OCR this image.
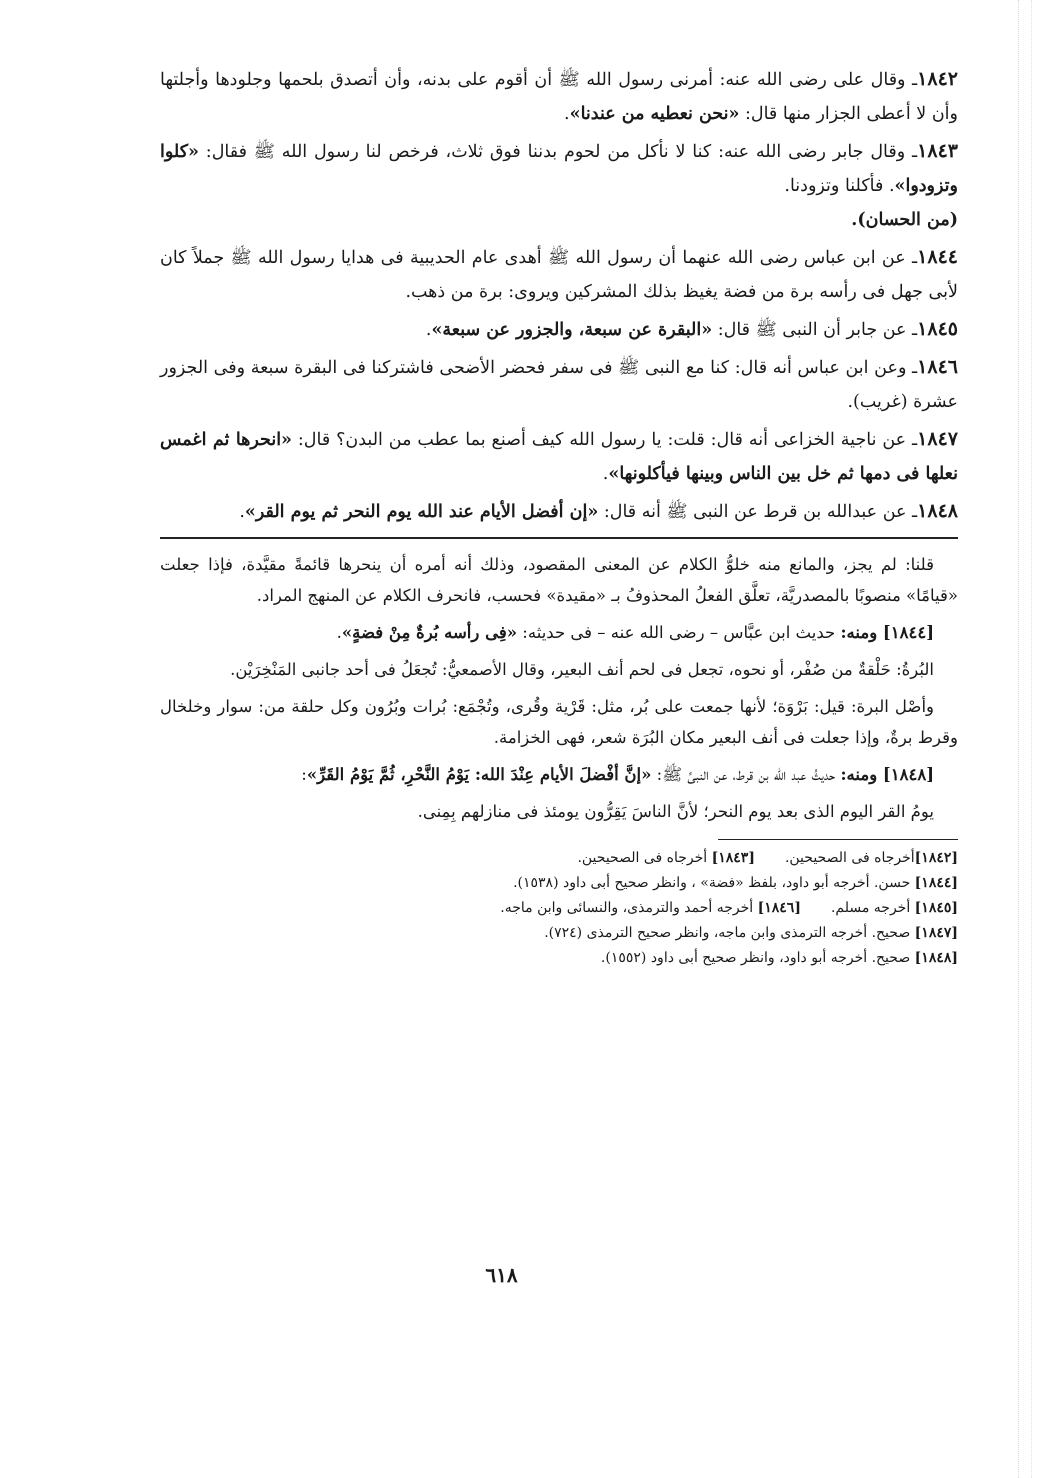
١٨٤٢ـ وقال على رضى الله عنه: أمرنى رسول الله ﷺ أن أقوم على بدنه، وأن أتصدق بلحمها وجلودها وأجلتها وأن لا أعطى الجزار منها قال: «نحن نعطيه من عندنا».

١٨٤٣ـ وقال جابر رضى الله عنه: كنا لا نأكل من لحوم بدننا فوق ثلاث، فرخص لنا رسول الله ﷺ فقال: «كلوا وتزودوا». فأكلنا وتزودنا.
(من الحسان).

١٨٤٤ـ عن ابن عباس رضى الله عنهما أن رسول الله ﷺ أهدى عام الحديبية فى هدايا رسول الله ﷺ جملاً كان لأبى جهل فى رأسه برة من فضة يغيظ بذلك المشركين ويروى: برة من ذهب.

١٨٤٥ـ عن جابر أن النبى ﷺ قال: «البقرة عن سبعة، والجزور عن سبعة».

١٨٤٦ـ وعن ابن عباس أنه قال: كنا مع النبى ﷺ فى سفر فحضر الأضحى فاشتركنا فى البقرة سبعة وفى الجزور عشرة (غريب).

١٨٤٧ـ عن ناجية الخزاعى أنه قال: قلت: يا رسول الله كيف أصنع بما عطب من البدن؟ قال: «انحرها ثم اغمس نعلها فى دمها ثم خل بين الناس وبينها فيأكلونها».

١٨٤٨ـ عن عبدالله بن قرط عن النبى ﷺ أنه قال: «إن أفضل الأيام عند الله يوم النحر ثم يوم القر».

قلنا: لم يجز، والمانع منه خلوُّ الكلام عن المعنى المقصود، وذلك أنه أمره أن ينحرها قائمةً مقيَّدة، فإذا جعلت «قيامًا» منصوبًا بالمصدريَّة، تعلَّق الفعلُ المحذوفُ بـ «مقيدة» فحسب، فانحرف الكلام عن المنهج المراد.

[١٨٤٤] ومنه: حديث ابن عبَّاس – رضى الله عنه – فى حديثه: «فِى رأسه بُرةٌ مِنْ فضةٍ».

البُرةُ: حَلْقةٌ من صُفْر، أو نحوه، تجعل فى لحم أنف البعير، وقال الأصمعيُّ: تُجعَلُ فى أحد جانبى المَنْخِرَيْن.

وأصْل البرة: قيل: بَرْوَة؛ لأنها جمعت على بُر، مثل: قَرْية وقُرى، وتُجْمَع: بُرات وبُرُون وكل حلقة من: سوار وخلخال وقرط برةٌ، وإذا جعلت فى أنف البعير مكان البُرَة شعر، فهى الخزامة.

[١٨٤٨] ومنه: حديثُ عبد الله بن قرط، عن النبىِّ ﷺ: «إنَّ أفْضلَ الأيام عِنْدَ الله: يَوْمُ النَّحْرِ، ثُمَّ يَوْمُ القَرِّ»:

يومُ القر اليوم الذى بعد يوم النحر؛ لأنَّ الناسَ يَقِرُّون يومئذ فى منازلهم بِمِنى.

[١٨٤٢]أخرجاه فى الصحيحين.
[١٨٤٣] أخرجاه فى الصحيحين.
[١٨٤٤] حسن. أخرجه أبو داود، بلفظ «فضة» ، وانظر صحيح أبى داود (١٥٣٨).
[١٨٤٥] أخرجه مسلم.
[١٨٤٦] أخرجه أحمد والترمذى، والنسائى وابن ماجه.
[١٨٤٧] صحيح. أخرجه الترمذى وابن ماجه، وانظر صحيح الترمذى (٧٢٤).
[١٨٤٨] صحيح. أخرجه أبو داود، وانظر صحيح أبى داود (١٥٥٢).
٦١٨
